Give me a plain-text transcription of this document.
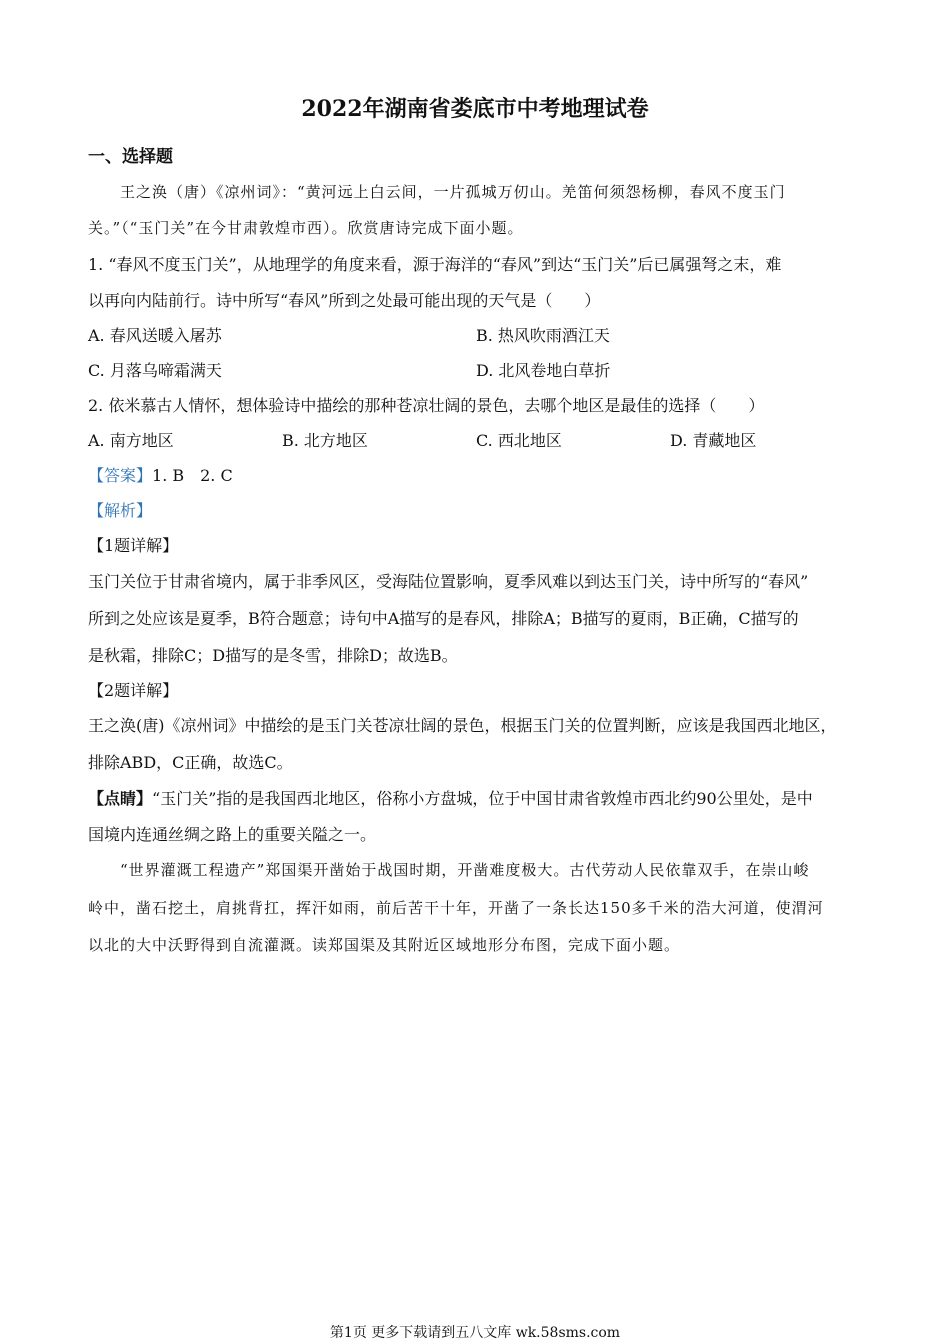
2022年湖南省娄底市中考地理试卷
一、选择题
王之涣（唐）《凉州词》：“黄河远上白云间，一片孤城万仞山。羌笛何须怨杨柳，春风不度玉门
关。”（“玉门关”在今甘肃敦煌市西）。欣赏唐诗完成下面小题。
1. “春风不度玉门关”，从地理学的角度来看，源于海洋的“春风”到达“玉门关”后已属强弩之末，难
以再向内陆前行。诗中所写“春风”所到之处最可能出现的天气是（　　）
A. 春风送暖入屠苏	B. 热风吹雨酒江天
C. 月落乌啼霜满天	D. 北风卷地白草折
2. 依米慕古人情怀，想体验诗中描绘的那种苍凉壮阔的景色，去哪个地区是最佳的选择（　　）
A. 南方地区	B. 北方地区	C. 西北地区	D. 青藏地区
【答案】1. B　2. C
【解析】
【1题详解】
玉门关位于甘肃省境内，属于非季风区，受海陆位置影响，夏季风难以到达玉门关，诗中所写的“春风”
所到之处应该是夏季，B符合题意；诗句中A描写的是春风，排除A；B描写的夏雨，B正确，C描写的
是秋霜，排除C；D描写的是冬雪，排除D；故选B。
【2题详解】
王之涣(唐)《凉州词》中描绘的是玉门关苍凉壮阔的景色，根据玉门关的位置判断，应该是我国西北地区，
排除ABD，C正确，故选C。
【点睛】“玉门关”指的是我国西北地区，俗称小方盘城，位于中国甘肃省敦煌市西北约90公里处，是中
国境内连通丝绸之路上的重要关隘之一。
“世界灌溉工程遗产”郑国渠开凿始于战国时期，开凿难度极大。古代劳动人民依靠双手，在崇山峻
岭中，凿石挖土，肩挑背扛，挥汗如雨，前后苦干十年，开凿了一条长达150多千米的浩大河道，使渭河
以北的大中沃野得到自流灌溉。读郑国渠及其附近区域地形分布图，完成下面小题。
第1页 更多下载请到五八文库 wk.58sms.com
